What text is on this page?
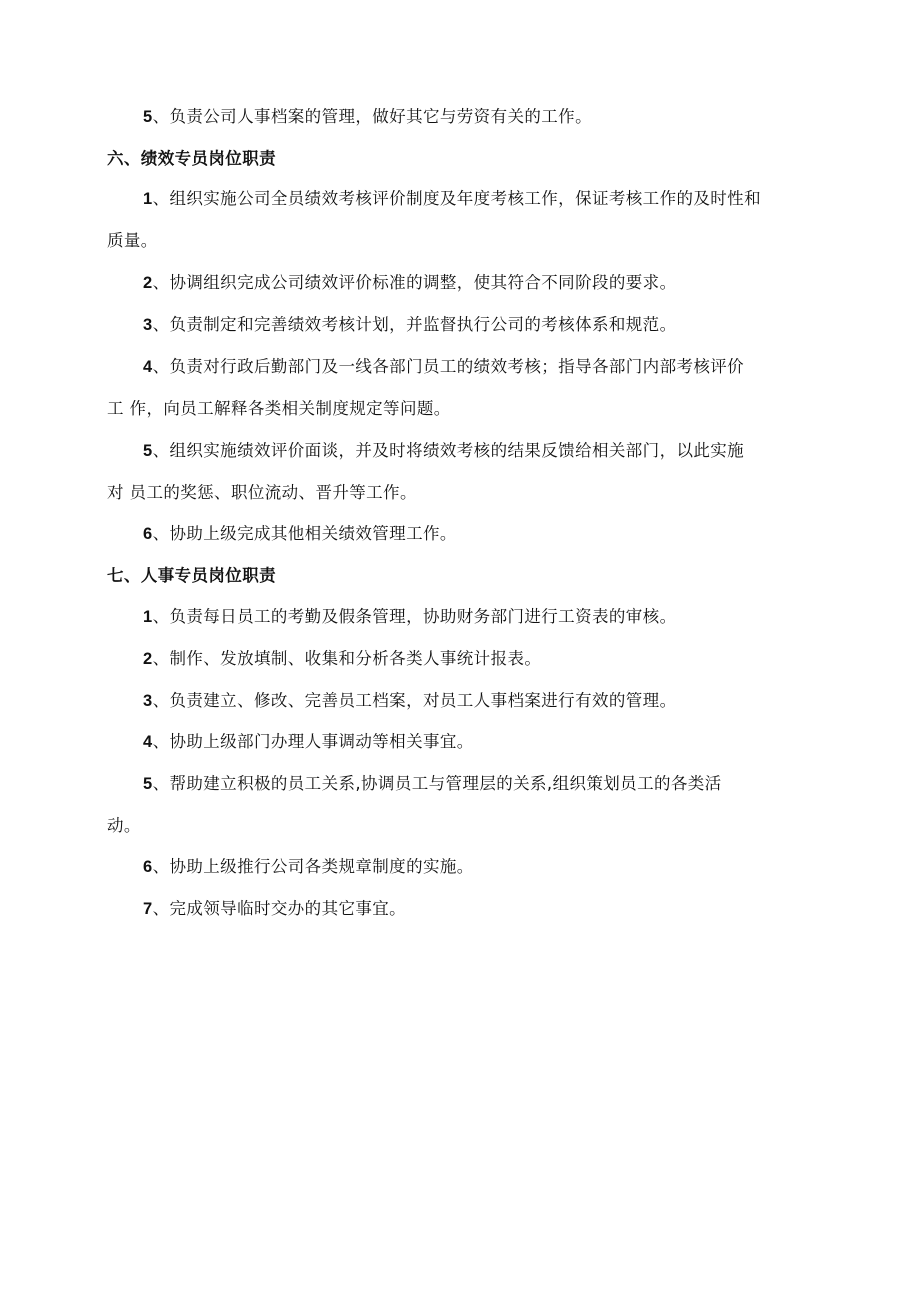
5、负责公司人事档案的管理，做好其它与劳资有关的工作。
六、绩效专员岗位职责
1、组织实施公司全员绩效考核评价制度及年度考核工作，保证考核工作的及时性和
质量。
2、协调组织完成公司绩效评价标准的调整，使其符合不同阶段的要求。
3、负责制定和完善绩效考核计划，并监督执行公司的考核体系和规范。
4、负责对行政后勤部门及一线各部门员工的绩效考核；指导各部门内部考核评价
工 作，向员工解释各类相关制度规定等问题。
5、组织实施绩效评价面谈，并及时将绩效考核的结果反馈给相关部门，以此实施
对 员工的奖惩、职位流动、晋升等工作。
6、协助上级完成其他相关绩效管理工作。
七、人事专员岗位职责
1、负责每日员工的考勤及假条管理，协助财务部门进行工资表的审核。
2、制作、发放填制、收集和分析各类人事统计报表。
3、负责建立、修改、完善员工档案，对员工人事档案进行有效的管理。
4、协助上级部门办理人事调动等相关事宜。
5、帮助建立积极的员工关系,协调员工与管理层的关系,组织策划员工的各类活
动。
6、协助上级推行公司各类规章制度的实施。
7、完成领导临时交办的其它事宜。
